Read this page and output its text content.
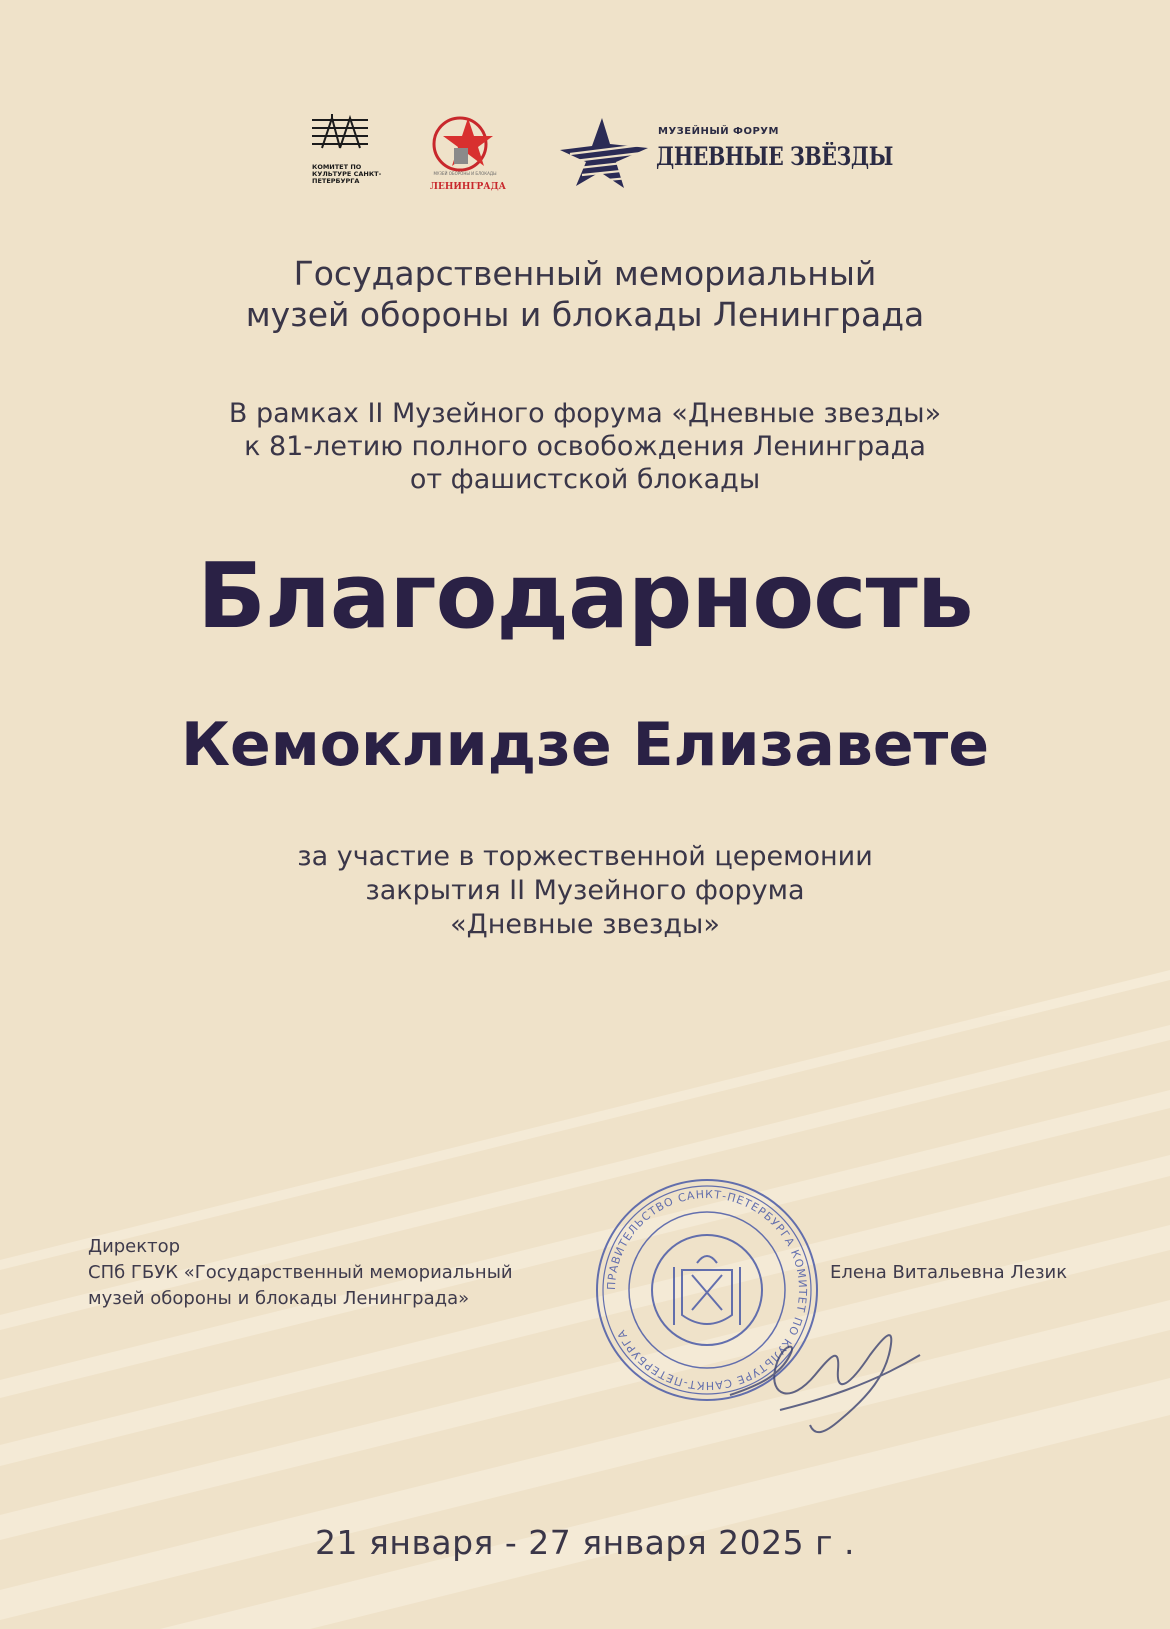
КОМИТЕТ ПО КУЛЬТУРЕ САНКТ-ПЕТЕРБУРГА
МУЗЕЙ ОБОРОНЫ И БЛОКАДЫ
ЛЕНИНГРАДА
МУЗЕЙНЫЙ ФОРУМ
ДНЕВНЫЕ ЗВЁЗДЫ
Государственный мемориальный
музей обороны и блокады Ленинграда
В рамках II Музейного форума «Дневные звезды»
к 81-летию полного освобождения Ленинграда
от фашистской блокады
Благодарность
Кемоклидзе Елизавете
за участие в торжественной церемонии
закрытия II Музейного форума
«Дневные звезды»
Директор
СПб ГБУК «Государственный мемориальный
музей обороны и блокады Ленинграда»
ПРАВИТЕЛЬСТВО САНКТ-ПЕТЕРБУРГА КОМИТЕТ ПО КУЛЬТУРЕ САНКТ-ПЕТЕРБУРГА
Елена Витальевна Лезик
21 января - 27 января 2025 г .
